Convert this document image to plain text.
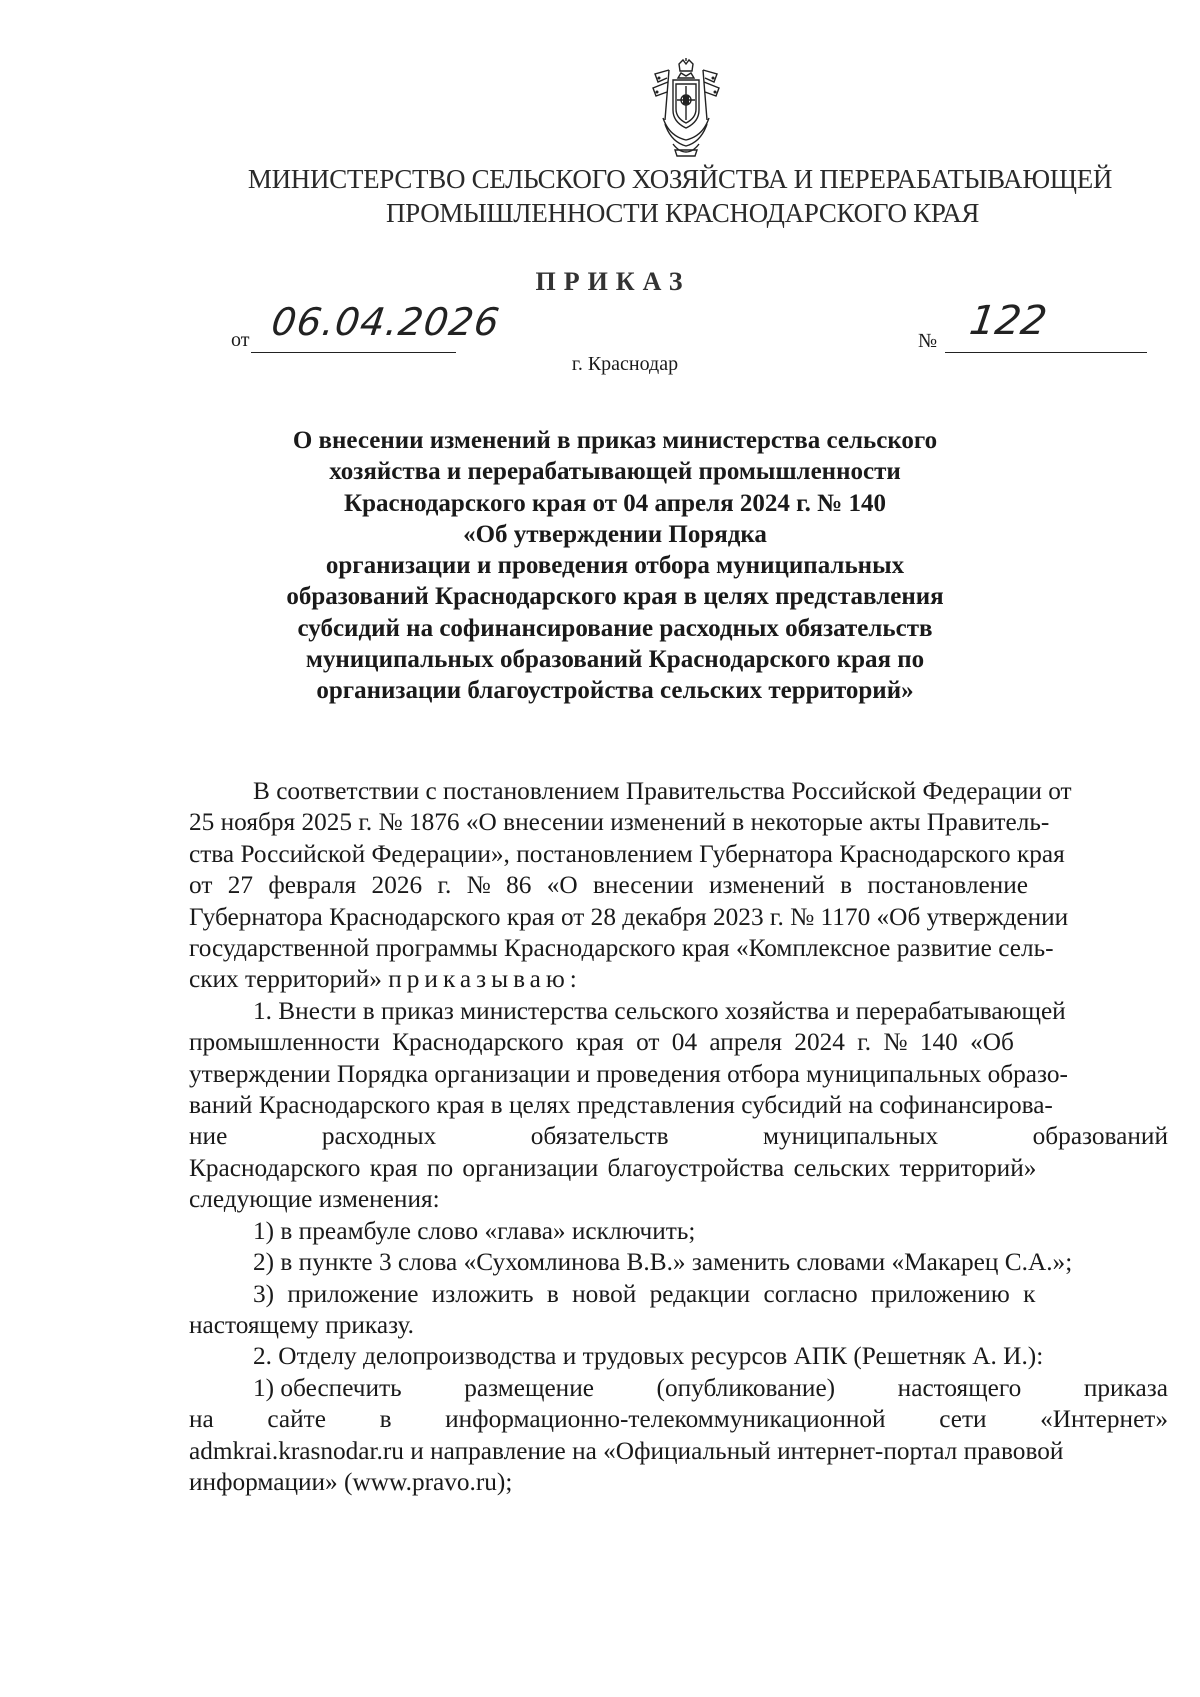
МИНИСТЕРСТВО СЕЛЬСКОГО ХОЗЯЙСТВА И ПЕРЕРАБАТЫВАЮЩЕЙ
ПРОМЫШЛЕННОСТИ КРАСНОДАРСКОГО КРАЯ
ПРИКАЗ
от 06.04.2026	№ 122
г. Краснодар
О внесении изменений в приказ министерства сельского
хозяйства и перерабатывающей промышленности
Краснодарского края от 04 апреля 2024 г. № 140
«Об утверждении Порядка
организации и проведения отбора муниципальных
образований Краснодарского края в целях представления
субсидий на софинансирование расходных обязательств
муниципальных образований Краснодарского края по
организации благоустройства сельских территорий»
В соответствии с постановлением Правительства Российской Федерации от
25 ноября 2025 г. № 1876 «О внесении изменений в некоторые акты Правитель-
ства Российской Федерации», постановлением Губернатора Краснодарского края
от 27 февраля 2026 г. № 86 «О внесении изменений в постановление
Губернатора Краснодарского края от 28 декабря 2023 г. № 1170 «Об утверждении
государственной программы Краснодарского края «Комплексное развитие сель-
ских территорий» приказываю:
1. Внести в приказ министерства сельского хозяйства и перерабатывающей
промышленности Краснодарского края от 04 апреля 2024 г. № 140 «Об
утверждении Порядка организации и проведения отбора муниципальных образо-
ваний Краснодарского края в целях представления субсидий на софинансирова-
ние	расходных	обязательств	муниципальных	образований
Краснодарского края по организации благоустройства сельских территорий»
следующие изменения:
1) в преамбуле слово «глава» исключить;
2) в пункте 3 слова «Сухомлинова В.В.» заменить словами «Макарец С.А.»;
3) приложение изложить в новой редакции согласно приложению к
настоящему приказу.
2. Отделу делопроизводства и трудовых ресурсов АПК (Решетняк А. И.):
1) обеспечить размещение (опубликование) настоящего приказа
на сайте в информационно-телекоммуникационной сети «Интернет»
admkrai.krasnodar.ru и направление на «Официальный интернет-портал правовой
информации» (www.pravo.ru);
